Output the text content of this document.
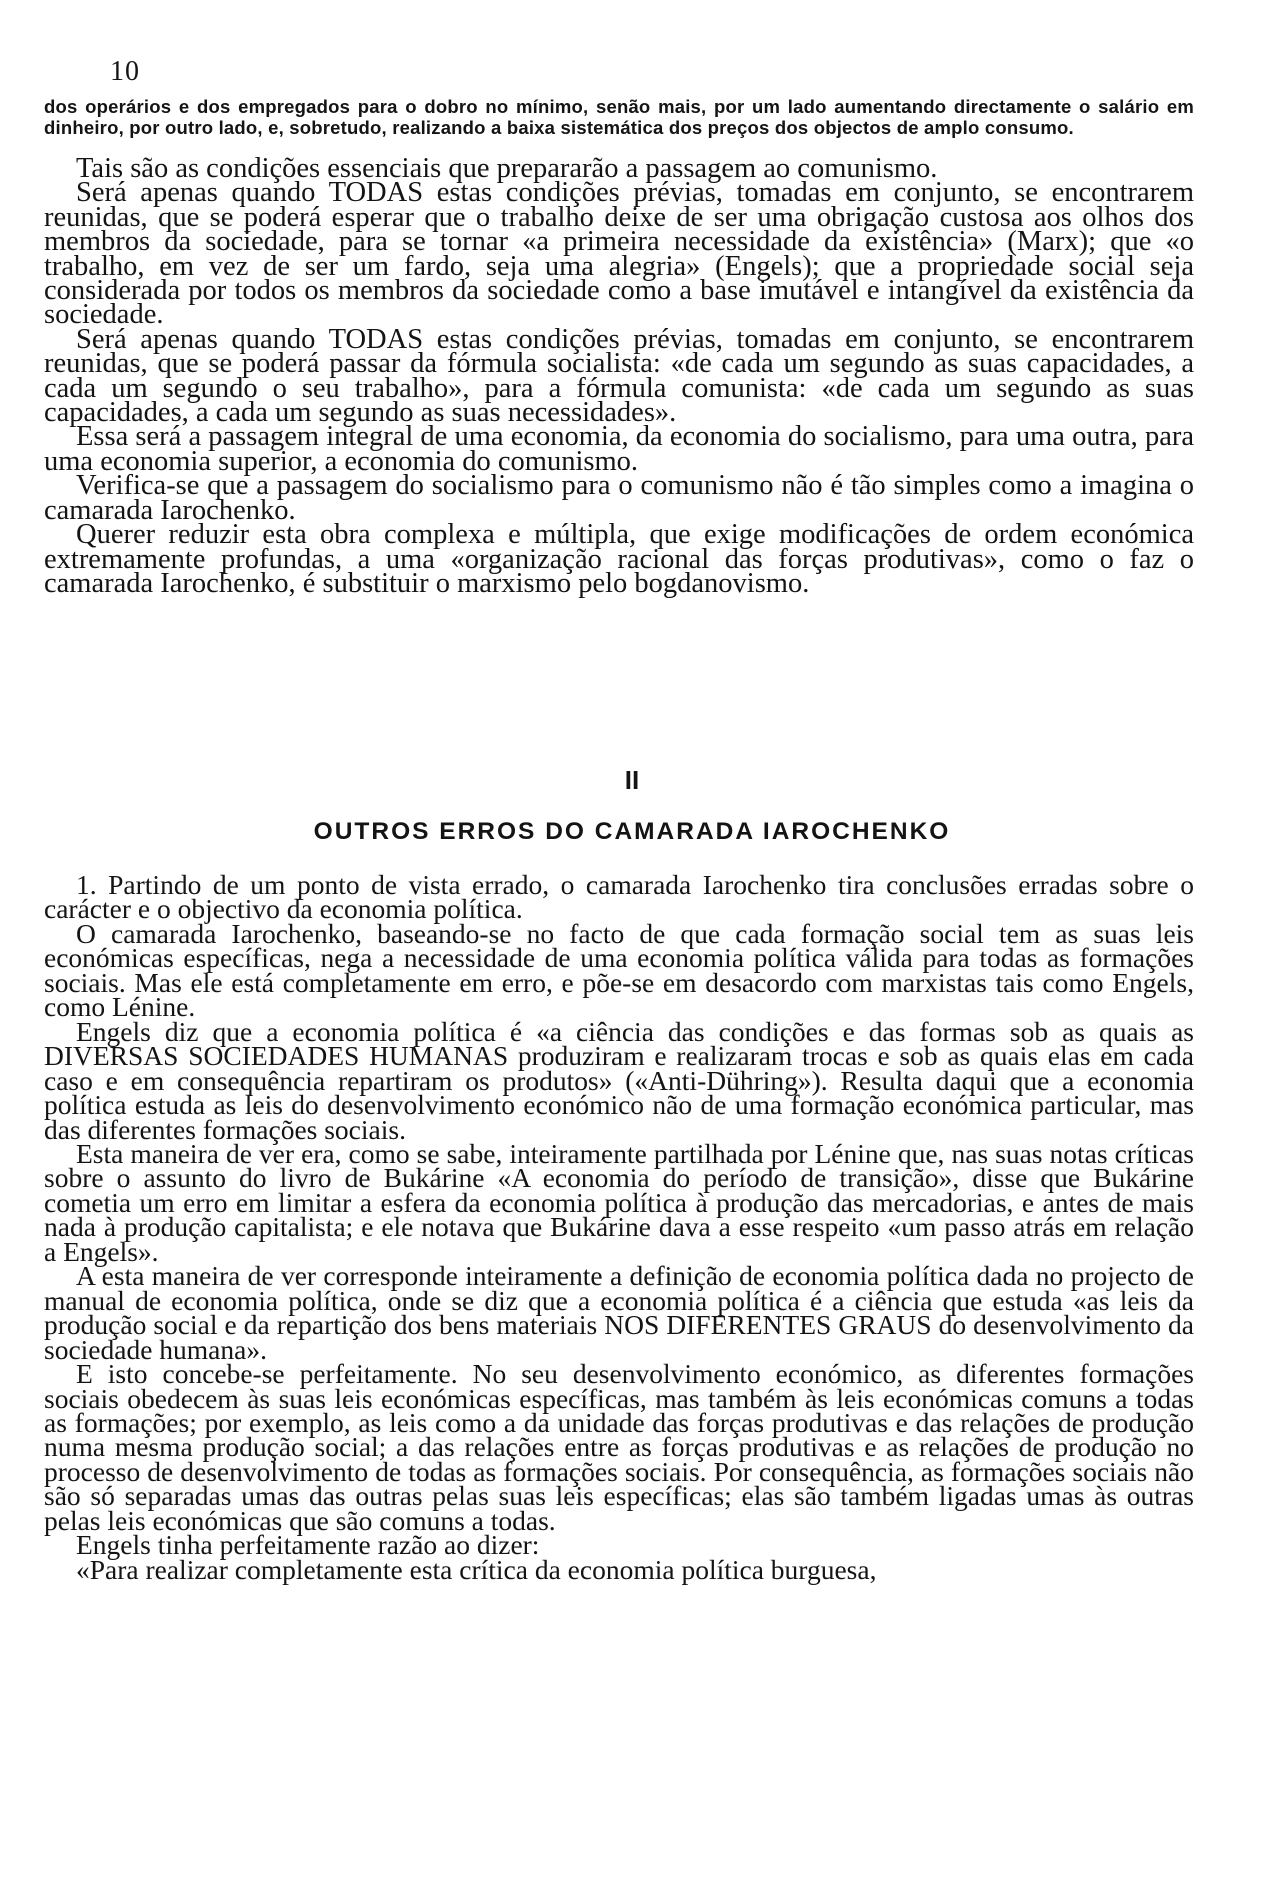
10
dos operários e dos empregados para o dobro no mínimo, senão mais, por um lado aumentando directamente o salário em dinheiro, por outro lado, e, sobretudo, realizando a baixa sistemática dos preços dos objectos de amplo consumo.

Tais são as condições essenciais que prepararão a passagem ao comunismo.

Será apenas quando TODAS estas condições prévias, tomadas em conjunto, se encontrarem reunidas, que se poderá esperar que o trabalho deixe de ser uma obrigação custosa aos olhos dos membros da sociedade, para se tornar «a primeira necessidade da existência» (Marx); que «o trabalho, em vez de ser um fardo, seja uma alegria» (Engels); que a propriedade social seja considerada por todos os membros da sociedade como a base imutável e intangível da existência da sociedade.

Será apenas quando TODAS estas condições prévias, tomadas em conjunto, se encontrarem reunidas, que se poderá passar da fórmula socialista: «de cada um segundo as suas capacidades, a cada um segundo o seu trabalho», para a fórmula comunista: «de cada um segundo as suas capacidades, a cada um segundo as suas necessidades».

Essa será a passagem integral de uma economia, da economia do socialismo, para uma outra, para uma economia superior, a economia do comunismo.

Verifica-se que a passagem do socialismo para o comunismo não é tão simples como a imagina o camarada Iarochenko.

Querer reduzir esta obra complexa e múltipla, que exige modificações de ordem económica extremamente profundas, a uma «organização racional das forças produtivas», como o faz o camarada Iarochenko, é substituir o marxismo pelo bogdanovismo.

II
OUTROS ERROS DO CAMARADA IAROCHENKO

1. Partindo de um ponto de vista errado, o camarada Iarochenko tira conclusões erradas sobre o carácter e o objectivo da economia política.

O camarada Iarochenko, baseando-se no facto de que cada formação social tem as suas leis económicas específicas, nega a necessidade de uma economia política válida para todas as formações sociais. Mas ele está completamente em erro, e põe-se em desacordo com marxistas tais como Engels, como Lénine.

Engels diz que a economia política é «a ciência das condições e das formas sob as quais as DIVERSAS SOCIEDADES HUMANAS produziram e realizaram trocas e sob as quais elas em cada caso e em consequência repartiram os produtos» («Anti-Dühring»). Resulta daqui que a economia política estuda as leis do desenvolvimento económico não de uma formação económica particular, mas das diferentes formações sociais.

Esta maneira de ver era, como se sabe, inteiramente partilhada por Lénine que, nas suas notas críticas sobre o assunto do livro de Bukárine «A economia do período de transição», disse que Bukárine cometia um erro em limitar a esfera da economia política à produção das mercadorias, e antes de mais nada à produção capitalista; e ele notava que Bukárine dava a esse respeito «um passo atrás em relação a Engels».

A esta maneira de ver corresponde inteiramente a definição de economia política dada no projecto de manual de economia política, onde se diz que a economia política é a ciência que estuda «as leis da produção social e da repartição dos bens materiais NOS DIFERENTES GRAUS do desenvolvimento da sociedade humana».

E isto concebe-se perfeitamente. No seu desenvolvimento económico, as diferentes formações sociais obedecem às suas leis económicas específicas, mas também às leis económicas comuns a todas as formações; por exemplo, as leis como a da unidade das forças produtivas e das relações de produção numa mesma produção social; a das relações entre as forças produtivas e as relações de produção no processo de desenvolvimento de todas as formações sociais. Por consequência, as formações sociais não são só separadas umas das outras pelas suas leis específicas; elas são também ligadas umas às outras pelas leis económicas que são comuns a todas.

Engels tinha perfeitamente razão ao dizer:

«Para realizar completamente esta crítica da economia política burguesa,
